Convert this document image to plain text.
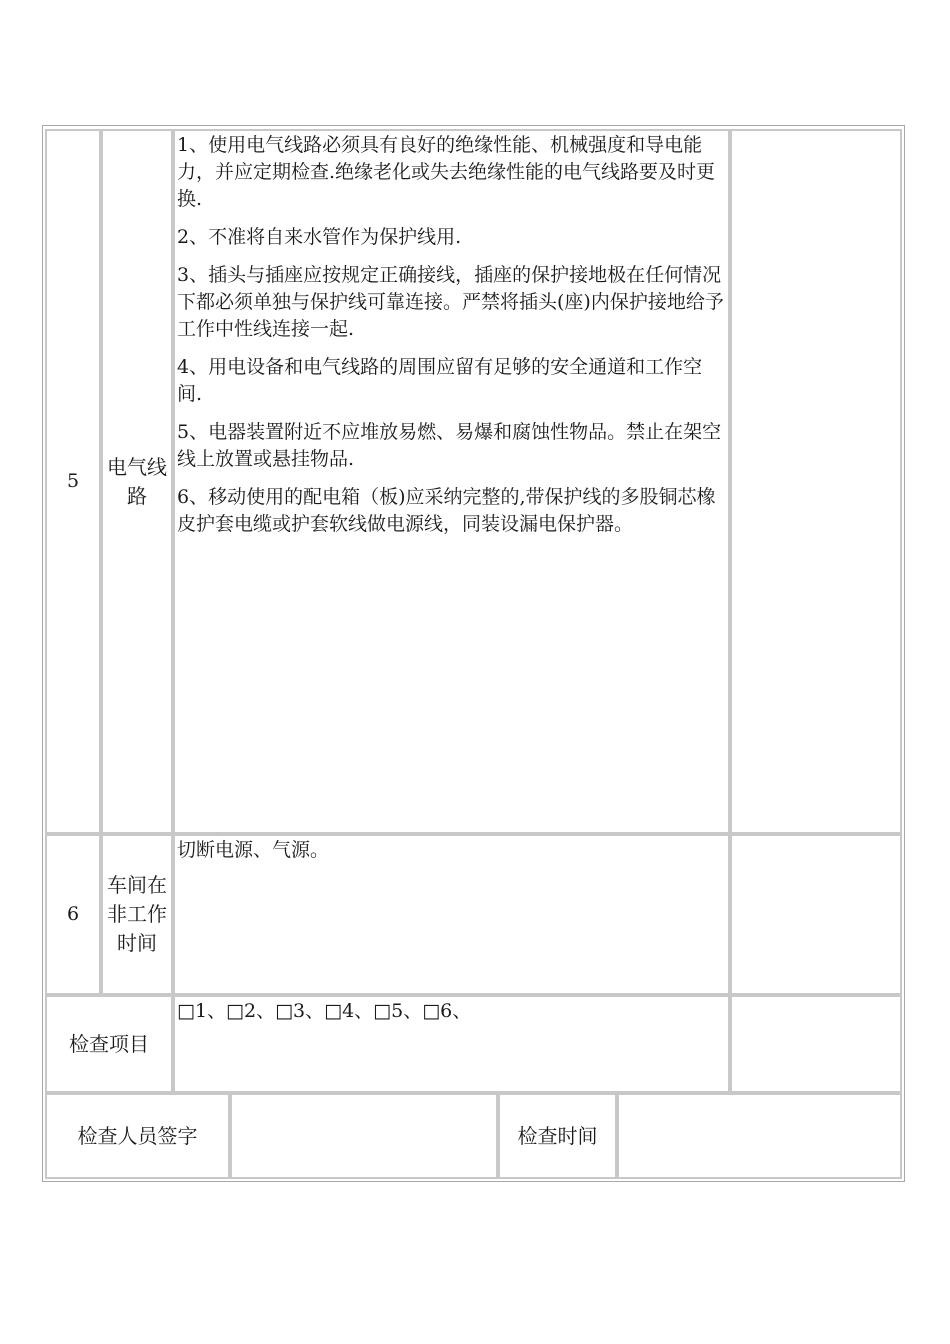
5
电气线
路

1、使用电气线路必须具有良好的绝缘性能、机械强度和导电能力，并应定期检查.绝缘老化或失去绝缘性能的电气线路要及时更换.

2、不准将自来水管作为保护线用.

3、插头与插座应按规定正确接线，插座的保护接地极在任何情况下都必须单独与保护线可靠连接。严禁将插头(座)内保护接地给予工作中性线连接一起.

4、用电设备和电气线路的周围应留有足够的安全通道和工作空间.

5、电器装置附近不应堆放易燃、易爆和腐蚀性物品。禁止在架空线上放置或悬挂物品.

6、移动使用的配电箱（板)应采纳完整的,带保护线的多股铜芯橡皮护套电缆或护套软线做电源线，同装设漏电保护器。

6
车间在
非工作
时间

切断电源、气源。

检查项目
□1、□2、□3、□4、□5、□6、
检查人员签字	检查时间
